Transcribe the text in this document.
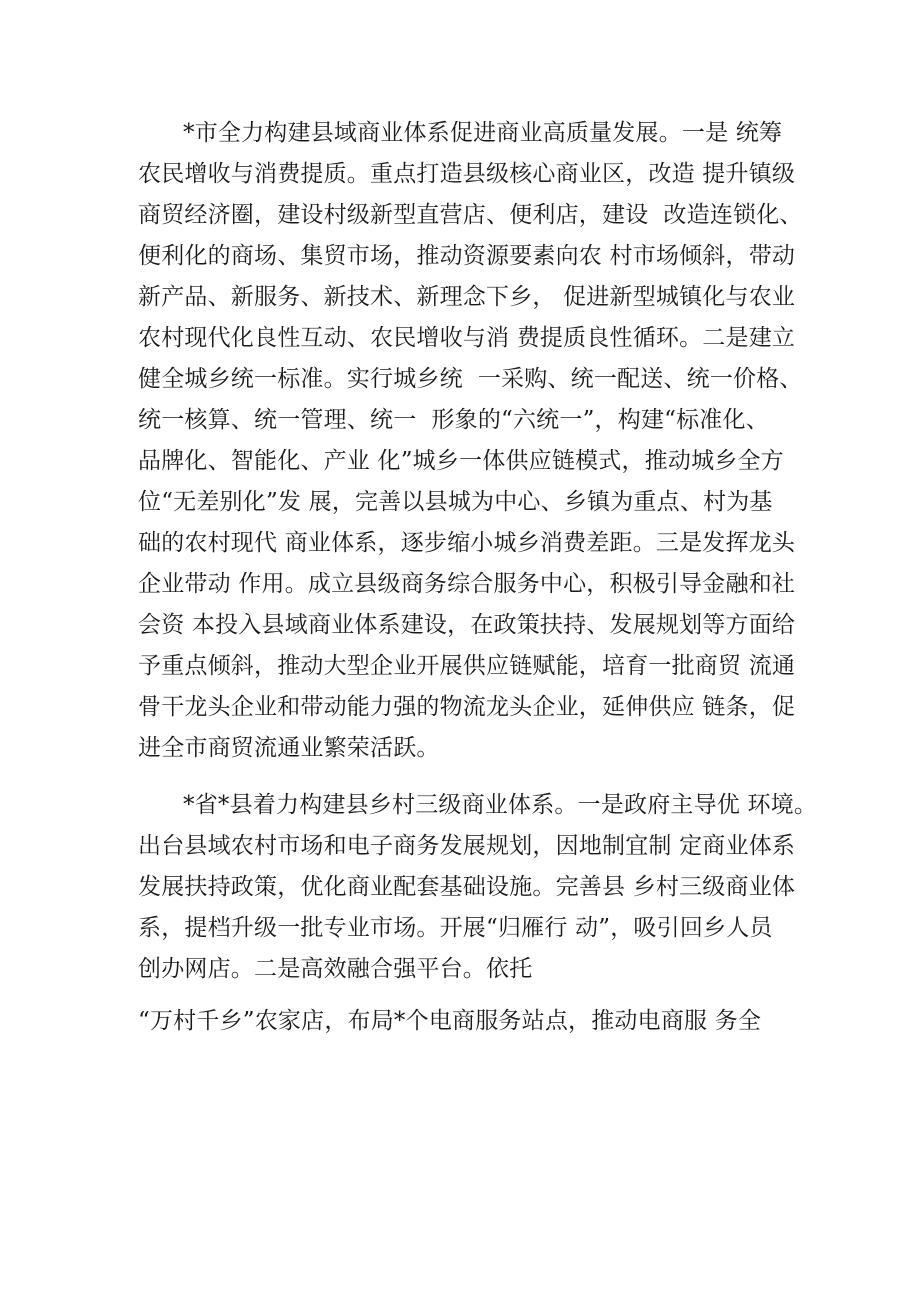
*市全力构建县域商业体系促进商业高质量发展。一是 统筹
农民增收与消费提质。重点打造县级核心商业区，改造 提升镇级
商贸经济圈，建设村级新型直营店、便利店，建设  改造连锁化、
便利化的商场、集贸市场，推动资源要素向农 村市场倾斜，带动
新产品、新服务、新技术、新理念下乡， 促进新型城镇化与农业
农村现代化良性互动、农民增收与消 费提质良性循环。二是建立
健全城乡统一标准。实行城乡统  一采购、统一配送、统一价格、
统一核算、统一管理、统一  形象的“六统一”，构建“标准化、
品牌化、智能化、产业 化”城乡一体供应链模式，推动城乡全方
位“无差别化”发 展，完善以县城为中心、乡镇为重点、村为基
础的农村现代 商业体系，逐步缩小城乡消费差距。三是发挥龙头
企业带动 作用。成立县级商务综合服务中心，积极引导金融和社
会资 本投入县域商业体系建设，在政策扶持、发展规划等方面给
予重点倾斜，推动大型企业开展供应链赋能，培育一批商贸 流通
骨干龙头企业和带动能力强的物流龙头企业，延伸供应 链条，促
进全市商贸流通业繁荣活跃。
*省*县着力构建县乡村三级商业体系。一是政府主导优 环境。
出台县域农村市场和电子商务发展规划，因地制宜制 定商业体系
发展扶持政策，优化商业配套基础设施。完善县 乡村三级商业体
系，提档升级一批专业市场。开展“归雁行 动”，吸引回乡人员
创办网店。二是高效融合强平台。依托
“万村千乡”农家店，布局*个电商服务站点，推动电商服 务全
